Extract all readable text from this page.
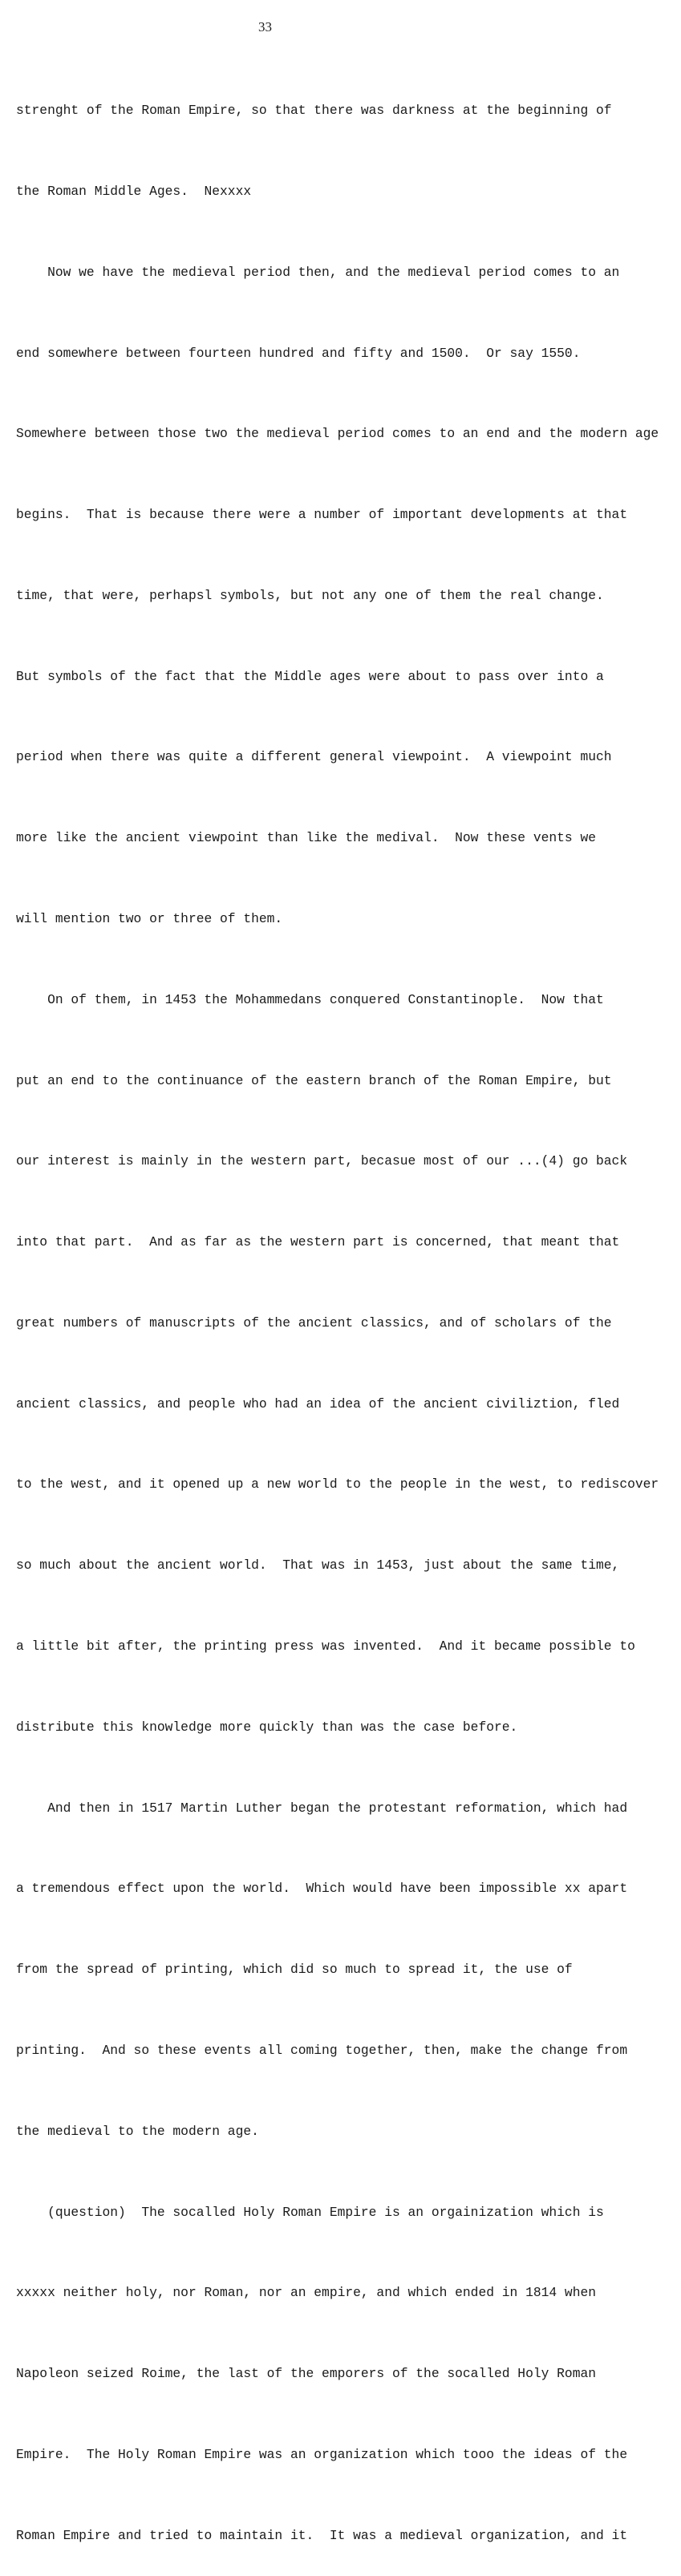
33

strenght of the Roman Empire, so that there was darkness at the beginning of

the Roman Middle Ages.  Nexxxx

Now we have the medieval period then, and the medieval period comes to an

end somewhere between fourteen hundred and fifty and 1500.  Or say 1550.

Somewhere between those two the medieval period comes to an end and the modern age

begins.  That is because there were a number of important developments at that

time, that were, perhapsl symbols, but not any one of them the real change.

But symbols of the fact that the Middle ages were about to pass over into a

period when there was quite a different general viewpoint.  A viewpoint much

more like the ancient viewpoint than like the medival.  Now these vents we

will mention two or three of them.

On of them, in 1453 the Mohammedans conquered Constantinople.  Now that

put an end to the continuance of the eastern branch of the Roman Empire, but

our interest is mainly in the western part, becasue most of our ...(4) go back

into that part.  And as far as the western part is concerned, that meant that

great numbers of manuscripts of the ancient classics, and of scholars of the

ancient classics, and people who had an idea of the ancient civiliztion, fled

to the west, and it opened up a new world to the people in the west, to rediscover

so much about the ancient world.  That was in 1453, just about the same time,

a little bit after, the printing press was invented.  And it became possible to

distribute this knowledge more quickly than was the case before.

And then in 1517 Martin Luther began the protestant reformation, which had

a tremendous effect upon the world.  Which would have been impossible xx apart

from the spread of printing, which did so much to spread it, the use of

printing.  And so these events all coming together, then, make the change from

the medieval to the modern age.

(question)  The socalled Holy Roman Empire is an orgainization which is

xxxxx neither holy, nor Roman, nor an empire, and which ended in 1814 when

Napoleon seized Roime, the last of the emporers of the socalled Holy Roman

Empire.  The Holy Roman Empire was an organization which tooo the ideas of the

Roman Empire and tried to maintain it.  It was a medieval organization, and it
